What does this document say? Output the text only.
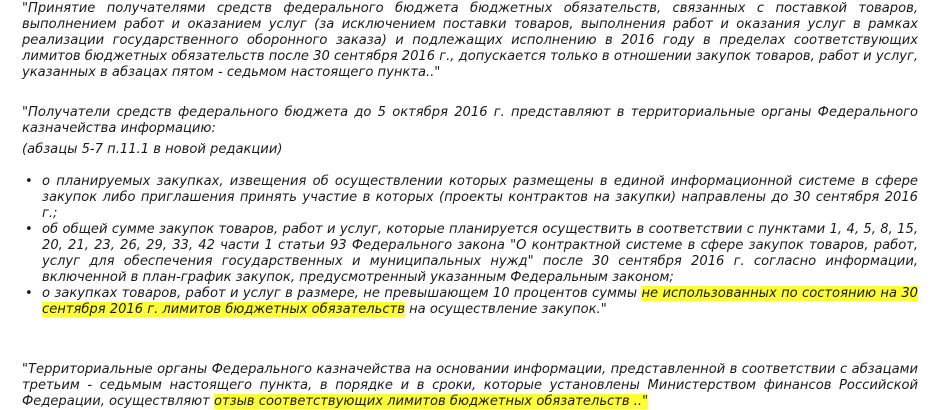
"Принятие получателями средств федерального бюджета бюджетных обязательств, связанных с поставкой товаров, выполнением работ и оказанием услуг (за исключением поставки товаров, выполнения работ и оказания услуг в рамках реализации государственного оборонного заказа) и подлежащих исполнению в 2016 году в пределах соответствующих лимитов бюджетных обязательств после 30 сентября 2016 г., допускается только в отношении закупок товаров, работ и услуг, указанных в абзацах пятом - седьмом настоящего пункта.."

"Получатели средств федерального бюджета до 5 октября 2016 г. представляют в территориальные органы Федерального казначейства информацию:

(абзацы 5-7 п.11.1 в новой редакции)

• о планируемых закупках, извещения об осуществлении которых размещены в единой информационной системе в сфере закупок либо приглашения принять участие в которых (проекты контрактов на закупки) направлены до 30 сентября 2016 г.;
• об общей сумме закупок товаров, работ и услуг, которые планируется осуществить в соответствии с пунктами 1, 4, 5, 8, 15, 20, 21, 23, 26, 29, 33, 42 части 1 статьи 93 Федерального закона "О контрактной системе в сфере закупок товаров, работ, услуг для обеспечения государственных и муниципальных нужд" после 30 сентября 2016 г. согласно информации, включенной в план-график закупок, предусмотренный указанным Федеральным законом;
• о закупках товаров, работ и услуг в размере, не превышающем 10 процентов суммы не использованных по состоянию на 30 сентября 2016 г. лимитов бюджетных обязательств на осуществление закупок."

"Территориальные органы Федерального казначейства на основании информации, представленной в соответствии с абзацами третьим - седьмым настоящего пункта, в порядке и в сроки, которые установлены Министерством финансов Российской Федерации, осуществляют отзыв соответствующих лимитов бюджетных обязательств .."
